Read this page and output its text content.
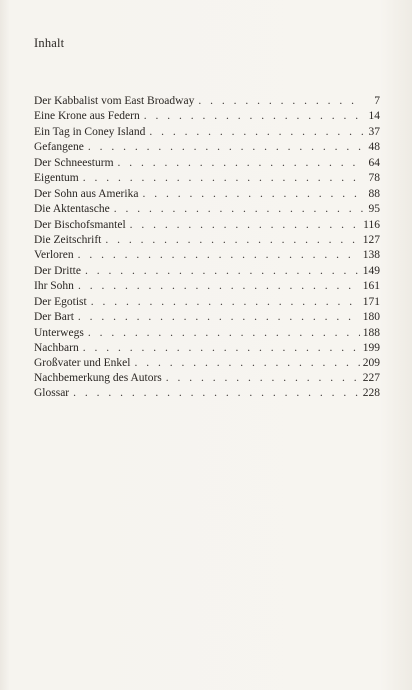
Inhalt
Der Kabbalist vom East Broadway . . .	7
Eine Krone aus Federn . . .	14
Ein Tag in Coney Island . . .	37
Gefangene . . .	48
Der Schneesturm . . .	64
Eigentum . . .	78
Der Sohn aus Amerika . . .	88
Die Aktentasche . . .	95
Der Bischofsmantel . . .	116
Die Zeitschrift . . .	127
Verloren . . .	138
Der Dritte . . .	149
Ihr Sohn . . .	161
Der Egotist . . .	171
Der Bart . . .	180
Unterwegs . . .	188
Nachbarn . . .	199
Großvater und Enkel . . .	209
Nachbemerkung des Autors . . .	227
Glossar . . .	228
